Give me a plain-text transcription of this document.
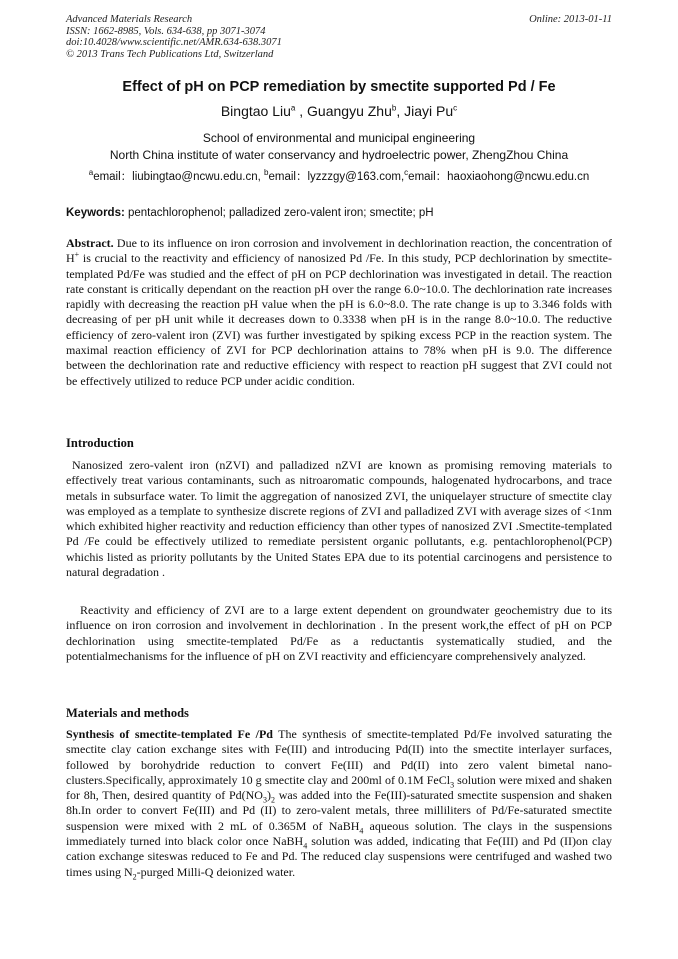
Advanced Materials Research
ISSN: 1662-8985, Vols. 634-638, pp 3071-3074
doi:10.4028/www.scientific.net/AMR.634-638.3071
© 2013 Trans Tech Publications Ltd, Switzerland
Online: 2013-01-11
Effect of pH on PCP remediation by smectite supported Pd / Fe
Bingtao Liu$^a$ , Guangyu Zhu$^b$, Jiayi Pu$^c$
School of environmental and municipal engineering
North China institute of water conservancy and hydroelectric power, ZhengZhou China
$^a$email：liubingtao@ncwu.edu.cn, $^b$email：lyzzzgy@163.com,$^c$email：haoxiaohong@ncwu.edu.cn
Keywords: pentachlorophenol; palladized zero-valent iron; smectite; pH
Abstract. Due to its influence on iron corrosion and involvement in dechlorination reaction, the concentration of H+ is crucial to the reactivity and efficiency of nanosized Pd /Fe. In this study, PCP dechlorination by smectite-templated Pd/Fe was studied and the effect of pH on PCP dechlorination was investigated in detail. The reaction rate constant is critically dependant on the reaction pH over the range 6.0~10.0. The dechlorination rate increases rapidly with decreasing the reaction pH value when the pH is 6.0~8.0. The rate change is up to 3.346 folds with decreasing of per pH unit while it decreases down to 0.3338 when pH is in the range 8.0~10.0. The reductive efficiency of zero-valent iron (ZVI) was further investigated by spiking excess PCP in the reaction system. The maximal reaction efficiency of ZVI for PCP dechlorination attains to 78% when pH is 9.0. The difference between the dechlorination rate and reductive efficiency with respect to reaction pH suggest that ZVI could not be effectively utilized to reduce PCP under acidic condition.
Introduction
Nanosized zero-valent iron (nZVI) and palladized nZVI are known as promising removing materials to effectively treat various contaminants, such as nitroaromatic compounds, halogenated hydrocarbons, and trace metals in subsurface water. To limit the aggregation of nanosized ZVI, the uniquelayer structure of smectite clay was employed as a template to synthesize discrete regions of ZVI and palladized ZVI with average sizes of <1nm which exhibited higher reactivity and reduction efficiency than other types of nanosized ZVI .Smectite-templated Pd /Fe could be effectively utilized to remediate persistent organic pollutants, e.g. pentachlorophenol(PCP) whichis listed as priority pollutants by the United States EPA due to its potential carcinogens and persistence to natural degradation .
Reactivity and efficiency of ZVI are to a large extent dependent on groundwater geochemistry due to its influence on iron corrosion and involvement in dechlorination . In the present work,the effect of pH on PCP dechlorination using smectite-templated Pd/Fe as a reductantis systematically studied, and the potentialmechanisms for the influence of pH on ZVI reactivity and efficiencyare comprehensively analyzed.
Materials and methods
Synthesis of smectite-templated Fe /Pd The synthesis of smectite-templated Pd/Fe involved saturating the smectite clay cation exchange sites with Fe(III) and introducing Pd(II) into the smectite interlayer surfaces, followed by borohydride reduction to convert Fe(III) and Pd(II) into zero valent bimetal nano-clusters.Specifically, approximately 10 g smectite clay and 200ml of 0.1M FeCl$_3$ solution were mixed and shaken for 8h, Then, desired quantity of $Pd(NO_3)_2$ was added into the Fe(III)-saturated smectite suspension and shaken 8h.In order to convert Fe(III) and Pd (II) to zero-valent metals, three milliliters of Pd/Fe-saturated smectite suspension were mixed with 2 mL of 0.365M of NaBH$_4$ aqueous solution. The clays in the suspensions immediately turned into black color once NaBH$_4$ solution was added, indicating that Fe(III) and Pd (II)on clay cation exchange siteswas reduced to Fe and Pd. The reduced clay suspensions were centrifuged and washed two times using $N_2$-purged Milli-Q deionized water.
